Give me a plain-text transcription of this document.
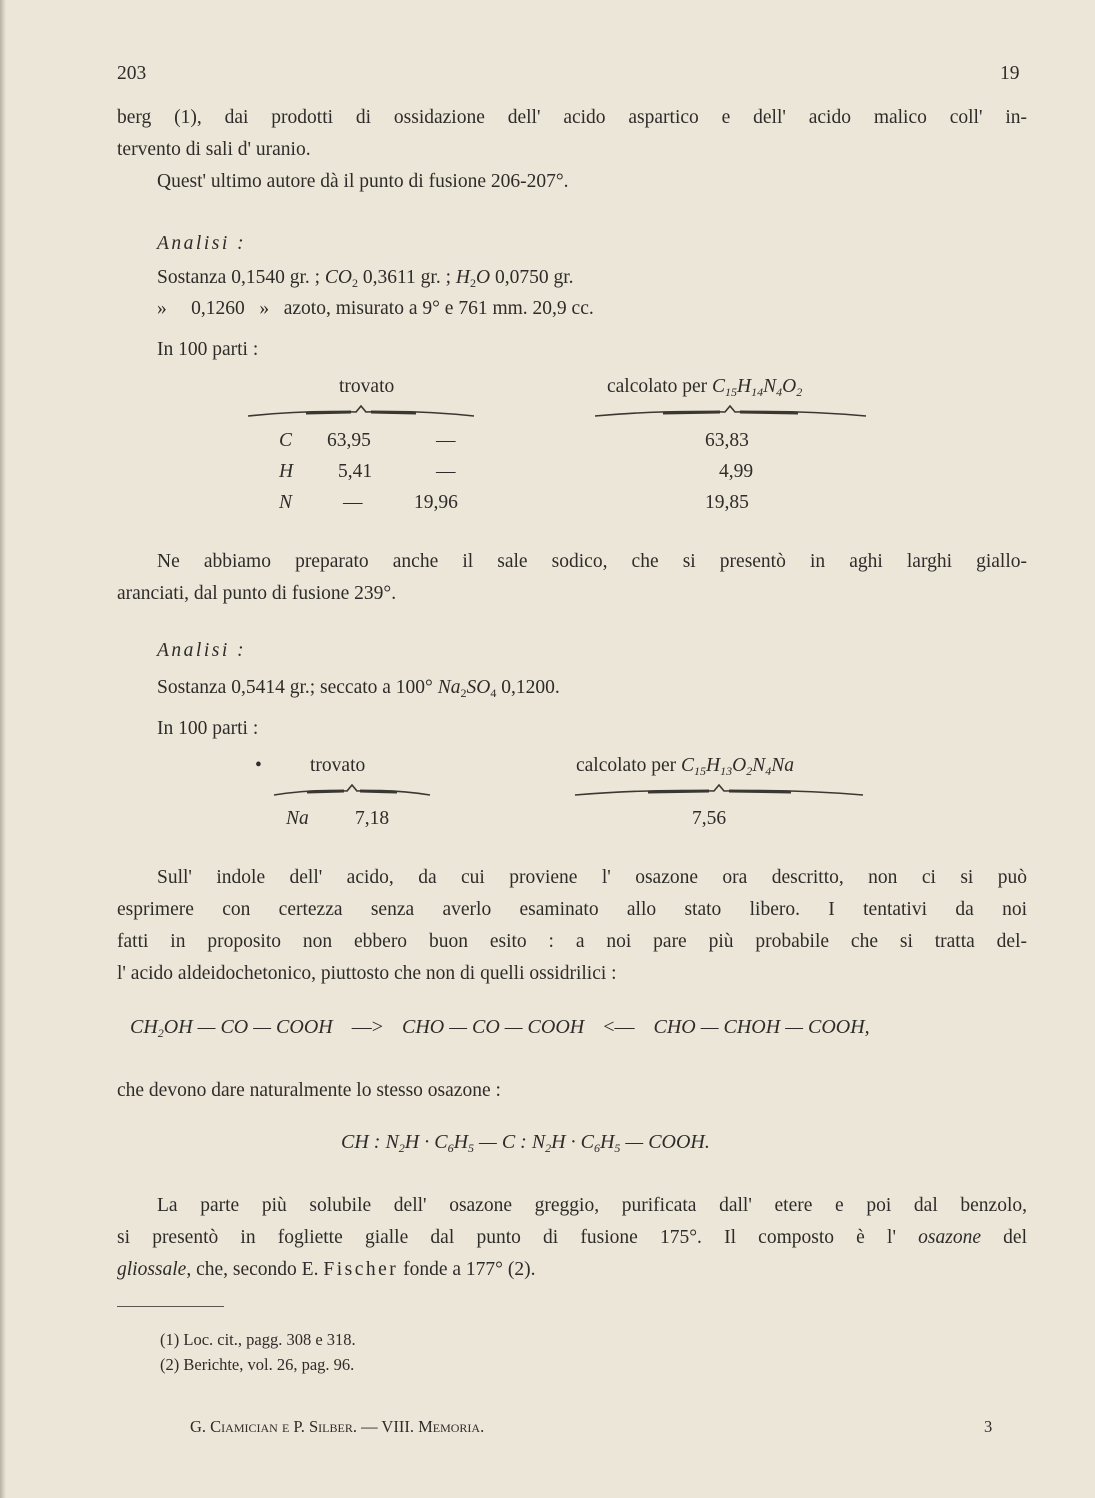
203	19
berg (1), dai prodotti di ossidazione dell' acido aspartico e dell' acido malico coll' in-
tervento di sali d' uranio.
Quest' ultimo autore dà il punto di fusione 206-207°.
Analisi :
Sostanza 0,1540 gr. ; $CO_2$ 0,3611 gr. ; $H_2O$ 0,0750 gr.
»     0,1260   »   azoto, misurato a 9° e 761 mm. 20,9 cc.
In 100 parti :
trovato	calcolato per $C_{15}H_{14}N_4O_2$
C 63,95	—	63,83
H 5,41	—	4,99
N	—	19,96	19,85
Ne abbiamo preparato anche il sale sodico, che si presentò in aghi larghi giallo-
aranciati, dal punto di fusione 239°.
Analisi :
Sostanza 0,5414 gr.; seccato a 100° $Na_2SO_4$ 0,1200.
In 100 parti :
• trovato	calcolato per $C_{15}H_{13}O_2N_4Na$
Na 7,18	7,56
Sull' indole dell' acido, da cui proviene l' osazone ora descritto, non ci si può
esprimere con certezza senza averlo esaminato allo stato libero. I tentativi da noi
fatti in proposito non ebbero buon esito : a noi pare più probabile che si tratta del-
l' acido aldeidochetonico, piuttosto che non di quelli ossidrilici :
$CH_2OH$ — CO — COOH —> CHO — CO — COOH <— CHO — CHOH — COOH,
che devono dare naturalmente lo stesso osazone :
CH : $N_2H \cdot C_6H_5$ — C : $N_2H \cdot C_6H_5$ — COOH.
La parte più solubile dell' osazone greggio, purificata dall' etere e poi dal benzolo,
si presentò in fogliette gialle dal punto di fusione 175°. Il composto è l' osazone del
gliossale, che, secondo E. Fischer fonde a 177° (2).
(1) Loc. cit., pagg. 308 e 318.
(2) Berichte, vol. 26, pag. 96.
G. Ciamician e P. Silber. — VIII. Memoria.	3
